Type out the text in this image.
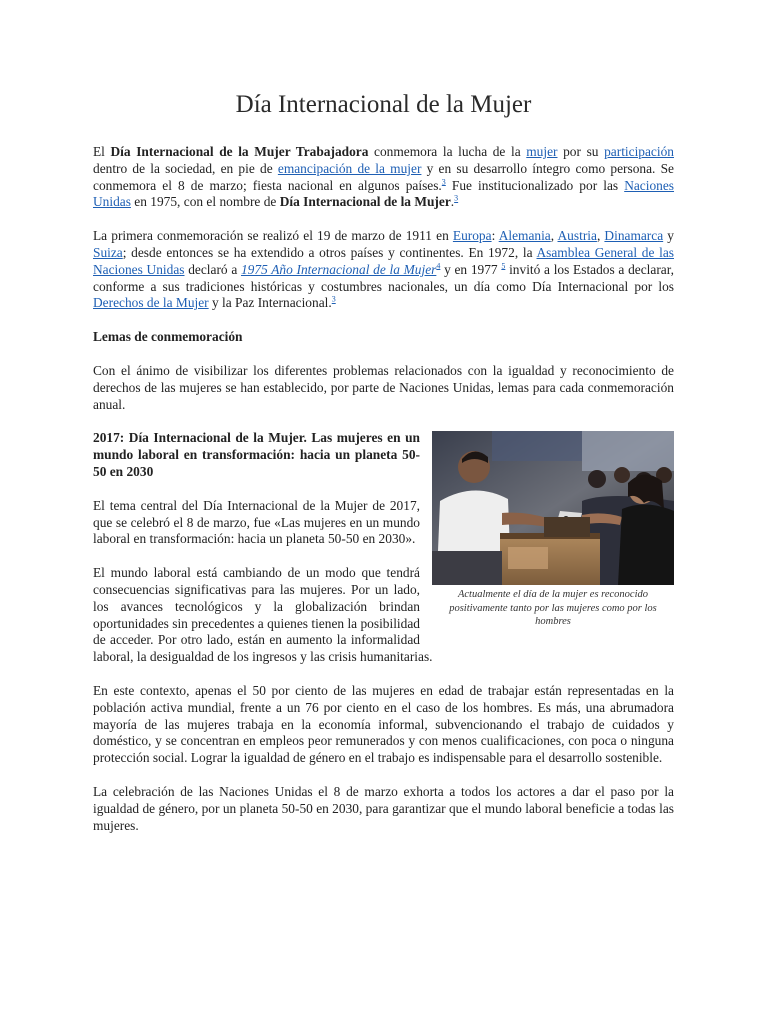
Día Internacional de la Mujer

El Día Internacional de la Mujer Trabajadora conmemora la lucha de la mujer por su participación dentro de la sociedad, en pie de emancipación de la mujer y en su desarrollo íntegro como persona. Se conmemora el 8 de marzo; fiesta nacional en algunos países.$^3$ Fue institucionalizado por las Naciones Unidas en 1975, con el nombre de Día Internacional de la Mujer.$^3$

La primera conmemoración se realizó el 19 de marzo de 1911 en Europa: Alemania, Austria, Dinamarca y Suiza; desde entonces se ha extendido a otros países y continentes. En 1972, la Asamblea General de las Naciones Unidas declaró a 1975 Año Internacional de la Mujer$^4$ y en 1977 $^5$ invitó a los Estados a declarar, conforme a sus tradiciones históricas y costumbres nacionales, un día como Día Internacional por los Derechos de la Mujer y la Paz Internacional.$^3$

Lemas de conmemoración

Con el ánimo de visibilizar los diferentes problemas relacionados con la igualdad y reconocimiento de derechos de las mujeres se han establecido, por parte de Naciones Unidas, lemas para cada conmemoración anual.

Actualmente el día de la mujer es reconocido positivamente tanto por las mujeres como por los hombres

2017: Día Internacional de la Mujer. Las mujeres en un mundo laboral en transformación: hacia un planeta 50-50 en 2030

El tema central del Día Internacional de la Mujer de 2017, que se celebró el 8 de marzo, fue «Las mujeres en un mundo laboral en transformación: hacia un planeta 50-50 en 2030».

El mundo laboral está cambiando de un modo que tendrá consecuencias significativas para las mujeres. Por un lado, los avances tecnológicos y la globalización brindan oportunidades sin precedentes a quienes tienen la posibilidad de acceder. Por otro lado, están en aumento la informalidad laboral, la desigualdad de los ingresos y las crisis humanitarias.

En este contexto, apenas el 50 por ciento de las mujeres en edad de trabajar están representadas en la población activa mundial, frente a un 76 por ciento en el caso de los hombres. Es más, una abrumadora mayoría de las mujeres trabaja en la economía informal, subvencionando el trabajo de cuidados y doméstico, y se concentran en empleos peor remunerados y con menos cualificaciones, con poca o ninguna protección social. Lograr la igualdad de género en el trabajo es indispensable para el desarrollo sostenible.

La celebración de las Naciones Unidas el 8 de marzo exhorta a todos los actores a dar el paso por la igualdad de género, por un planeta 50-50 en 2030, para garantizar que el mundo laboral beneficie a todas las mujeres.
